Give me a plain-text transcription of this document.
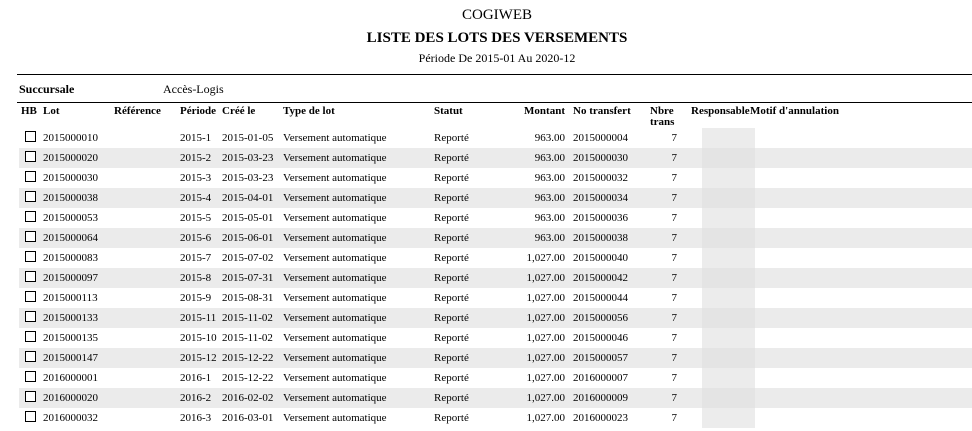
COGIWEB
LISTE DES LOTS DES VERSEMENTS
Période De 2015-01 Au 2020-12
Succursale	Accès-Logis
HB Lot	Référence Période Créé le	Type de lot	Statut	Montant No transfert Nbre
trans
Responsable Motif d'annulation
2015000010	2015-1 2015-01-05 Versement automatique	Reporté	963.00 2015000004	7
2015000020	2015-2 2015-03-23 Versement automatique	Reporté	963.00 2015000030	7
2015000030	2015-3 2015-03-23 Versement automatique	Reporté	963.00 2015000032	7
2015000038	2015-4 2015-04-01 Versement automatique	Reporté	963.00 2015000034	7
2015000053	2015-5 2015-05-01 Versement automatique	Reporté	963.00 2015000036	7
2015000064	2015-6 2015-06-01 Versement automatique	Reporté	963.00 2015000038	7
2015000083	2015-7 2015-07-02 Versement automatique	Reporté	1,027.00 2015000040	7
2015000097	2015-8 2015-07-31 Versement automatique	Reporté	1,027.00 2015000042	7
2015000113	2015-9 2015-08-31 Versement automatique	Reporté	1,027.00 2015000044	7
2015000133	2015-11 2015-11-02 Versement automatique	Reporté	1,027.00 2015000056	7
2015000135	2015-10 2015-11-02 Versement automatique	Reporté	1,027.00 2015000046	7
2015000147	2015-12 2015-12-22 Versement automatique	Reporté	1,027.00 2015000057	7
2016000001	2016-1 2015-12-22 Versement automatique	Reporté	1,027.00 2016000007	7
2016000020	2016-2 2016-02-02 Versement automatique	Reporté	1,027.00 2016000009	7
2016000032	2016-3 2016-03-01 Versement automatique	Reporté	1,027.00 2016000023	7
